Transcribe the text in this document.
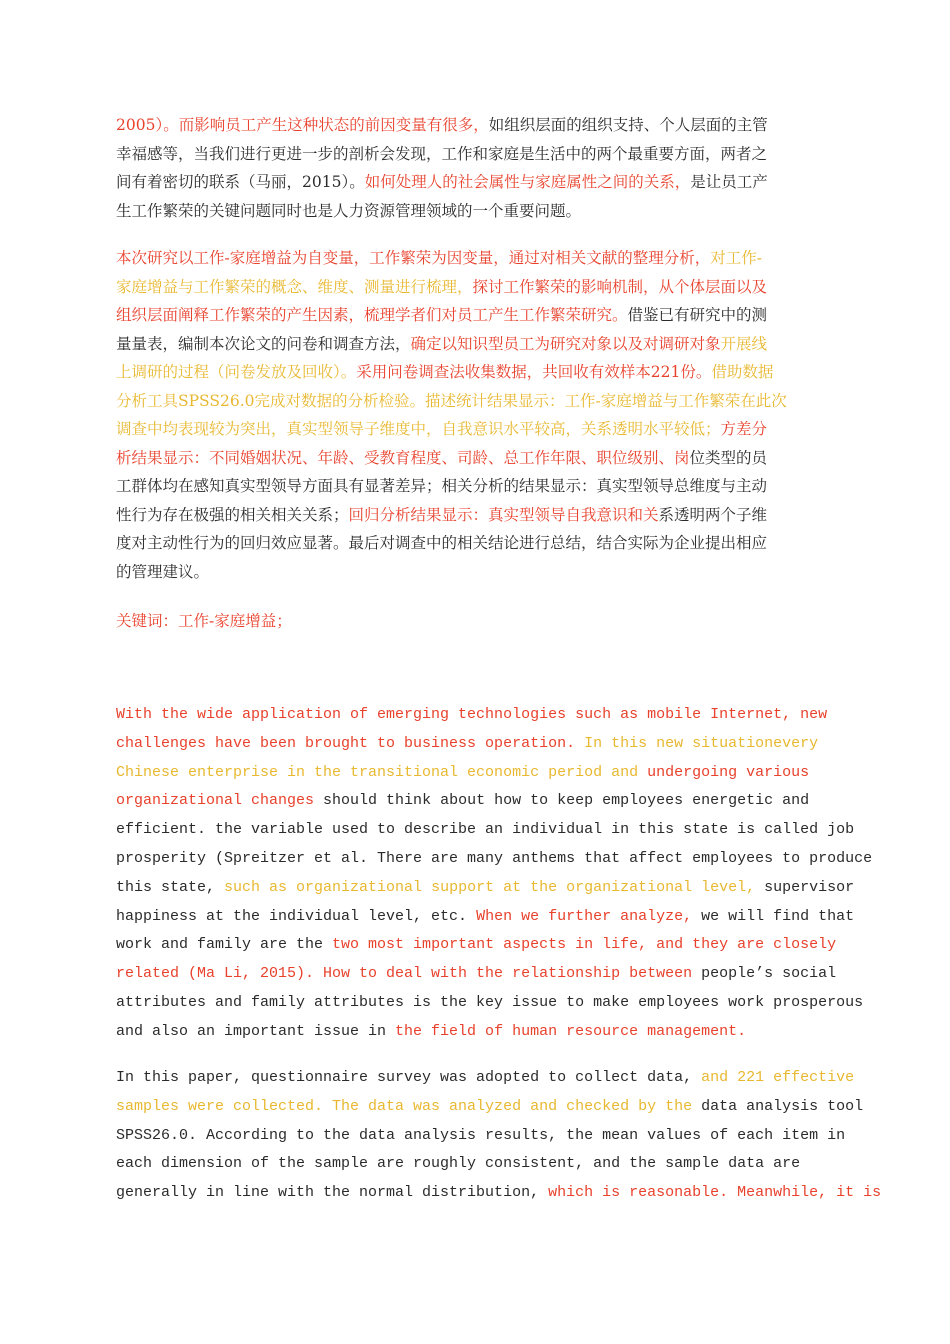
2005）。而影响员工产生这种状态的前因变量有很多，如组织层面的组织支持、个人层面的主管
幸福感等，当我们进行更进一步的剖析会发现，工作和家庭是生活中的两个最重要方面，两者之
间有着密切的联系（马丽，2015）。如何处理人的社会属性与家庭属性之间的关系，是让员工产
生工作繁荣的关键问题同时也是人力资源管理领域的一个重要问题。
本次研究以工作-家庭增益为自变量，工作繁荣为因变量，通过对相关文献的整理分析，对工作-
家庭增益与工作繁荣的概念、维度、测量进行梳理，探讨工作繁荣的影响机制，从个体层面以及
组织层面阐释工作繁荣的产生因素，梳理学者们对员工产生工作繁荣研究。借鉴已有研究中的测
量量表，编制本次论文的问卷和调查方法，确定以知识型员工为研究对象以及对调研对象开展线
上调研的过程（问卷发放及回收）。采用问卷调查法收集数据，共回收有效样本221份。借助数据
分析工具SPSS26.0完成对数据的分析检验。描述统计结果显示：工作-家庭增益与工作繁荣在此次
调查中均表现较为突出，真实型领导子维度中，自我意识水平较高，关系透明水平较低；方差分
析结果显示：不同婚姻状况、年龄、受教育程度、司龄、总工作年限、职位级别、岗位类型的员
工群体均在感知真实型领导方面具有显著差异；相关分析的结果显示：真实型领导总维度与主动
性行为存在极强的相关相关关系；回归分析结果显示：真实型领导自我意识和关系透明两个子维
度对主动性行为的回归效应显著。最后对调查中的相关结论进行总结，结合实际为企业提出相应
的管理建议。
关键词：工作-家庭增益；
With the wide application of emerging technologies such as mobile Internet, new
challenges have been brought to business operation. In this new situationevery
Chinese enterprise in the transitional economic period and undergoing various
organizational changes should think about how to keep employees energetic and
efficient. the variable used to describe an individual in this state is called job
prosperity (Spreitzer et al. There are many anthems that affect employees to produce
this state, such as organizational support at the organizational level, supervisor
happiness at the individual level, etc. When we further analyze, we will find that
work and family are the two most important aspects in life, and they are closely
related (Ma Li, 2015). How to deal with the relationship between people’s social
attributes and family attributes is the key issue to make employees work prosperous
and also an important issue in the field of human resource management.
In this paper, questionnaire survey was adopted to collect data, and 221 effective
samples were collected. The data was analyzed and checked by the data analysis tool
SPSS26.0. According to the data analysis results, the mean values of each item in
each dimension of the sample are roughly consistent, and the sample data are
generally in line with the normal distribution, which is reasonable. Meanwhile, it is
